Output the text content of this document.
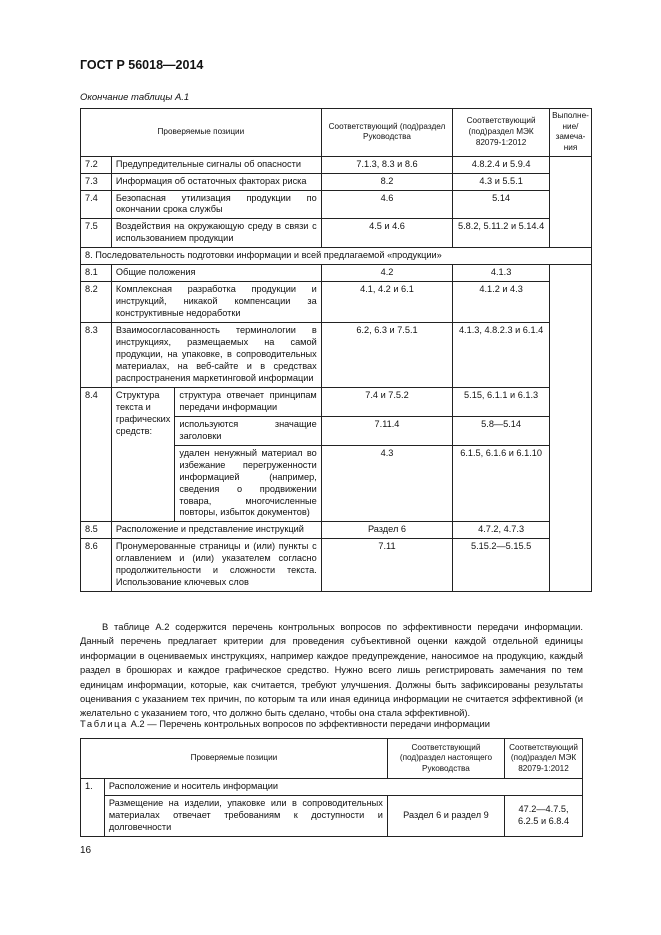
ГОСТ Р 56018—2014
Окончание таблицы А.1
Проверяемые позиции			Соответствующий (под)раздел Руководства	Соответствующий (под)раздел МЭК 82079-1:2012	Выполне-ние/замеча-ния
7.2	Предупредительные сигналы об опасности		7.1.3, 8.3 и 8.6	4.8.2.4 и 5.9.4	
7.3	Информация об остаточных факторах риска		8.2	4.3 и 5.5.1	
7.4	Безопасная утилизация продукции по окончании срока службы		4.6	5.14	
7.5	Воздействия на окружающую среду в связи с использованием продукции		4.5 и 4.6	5.8.2, 5.11.2 и 5.14.4	
8. Последовательность подготовки информации и всей предлагаемой «продукции»					
8.1	Общие положения		4.2	4.1.3	
8.2	Комплексная разработка продукции и инструкций, никакой компенсации за конструктивные недоработки		4.1, 4.2 и 6.1	4.1.2 и 4.3	
8.3	Взаимосогласованность терминологии в инструкциях, размещаемых на самой продукции, на упаковке, в сопроводительных материалах, на веб-сайте и в средствах распространения маркетинговой информации		6.2, 6.3 и 7.5.1	4.1.3, 4.8.2.3 и 6.1.4	
8.4	Структура текста и графических средств:	структура отвечает принципам передачи информации	7.4 и 7.5.2	5.15, 6.1.1 и 6.1.3	
		используются значащие заголовки	7.11.4	5.8—5.14	
		удален ненужный материал во избежание перегруженности информацией (например, сведения о продвижении товара, многочисленные повторы, избыток документов)	4.3	6.1.5, 6.1.6 и 6.1.10	
8.5	Расположение и представление инструкций		Раздел 6	4.7.2, 4.7.3	
8.6	Пронумерованные страницы и (или) пункты с оглавлением и (или) указателем согласно продолжительности и сложности текста. Использование ключевых слов		7.11	5.15.2—5.15.5	

В таблице А.2 содержится перечень контрольных вопросов по эффективности передачи информации. Данный перечень предлагает критерии для проведения субъективной оценки каждой отдельной единицы информации в оцениваемых инструкциях, например каждое предупреждение, наносимое на продукцию, каждый раздел в брошюрах и каждое графическое средство. Нужно всего лишь регистрировать замечания по тем единицам информации, которые, как считается, требуют улучшения. Должны быть зафиксированы результаты оценивания с указанием тех причин, по которым та или иная единица информации не считается эффективной (и желательно с указанием того, что должно быть сделано, чтобы она стала эффективной).

Таблица А.2 — Перечень контрольных вопросов по эффективности передачи информации
Проверяемые позиции		Соответствующий (под)раздел настоящего Руководства	Соответствующий (под)раздел МЭК 82079-1:2012
1.	Расположение и носитель информации		
	Размещение на изделии, упаковке или в сопроводительных материалах отвечает требованиям к доступности и долговечности	Раздел 6 и раздел 9	47.2—4.7.5, 6.2.5 и 6.8.4
16
